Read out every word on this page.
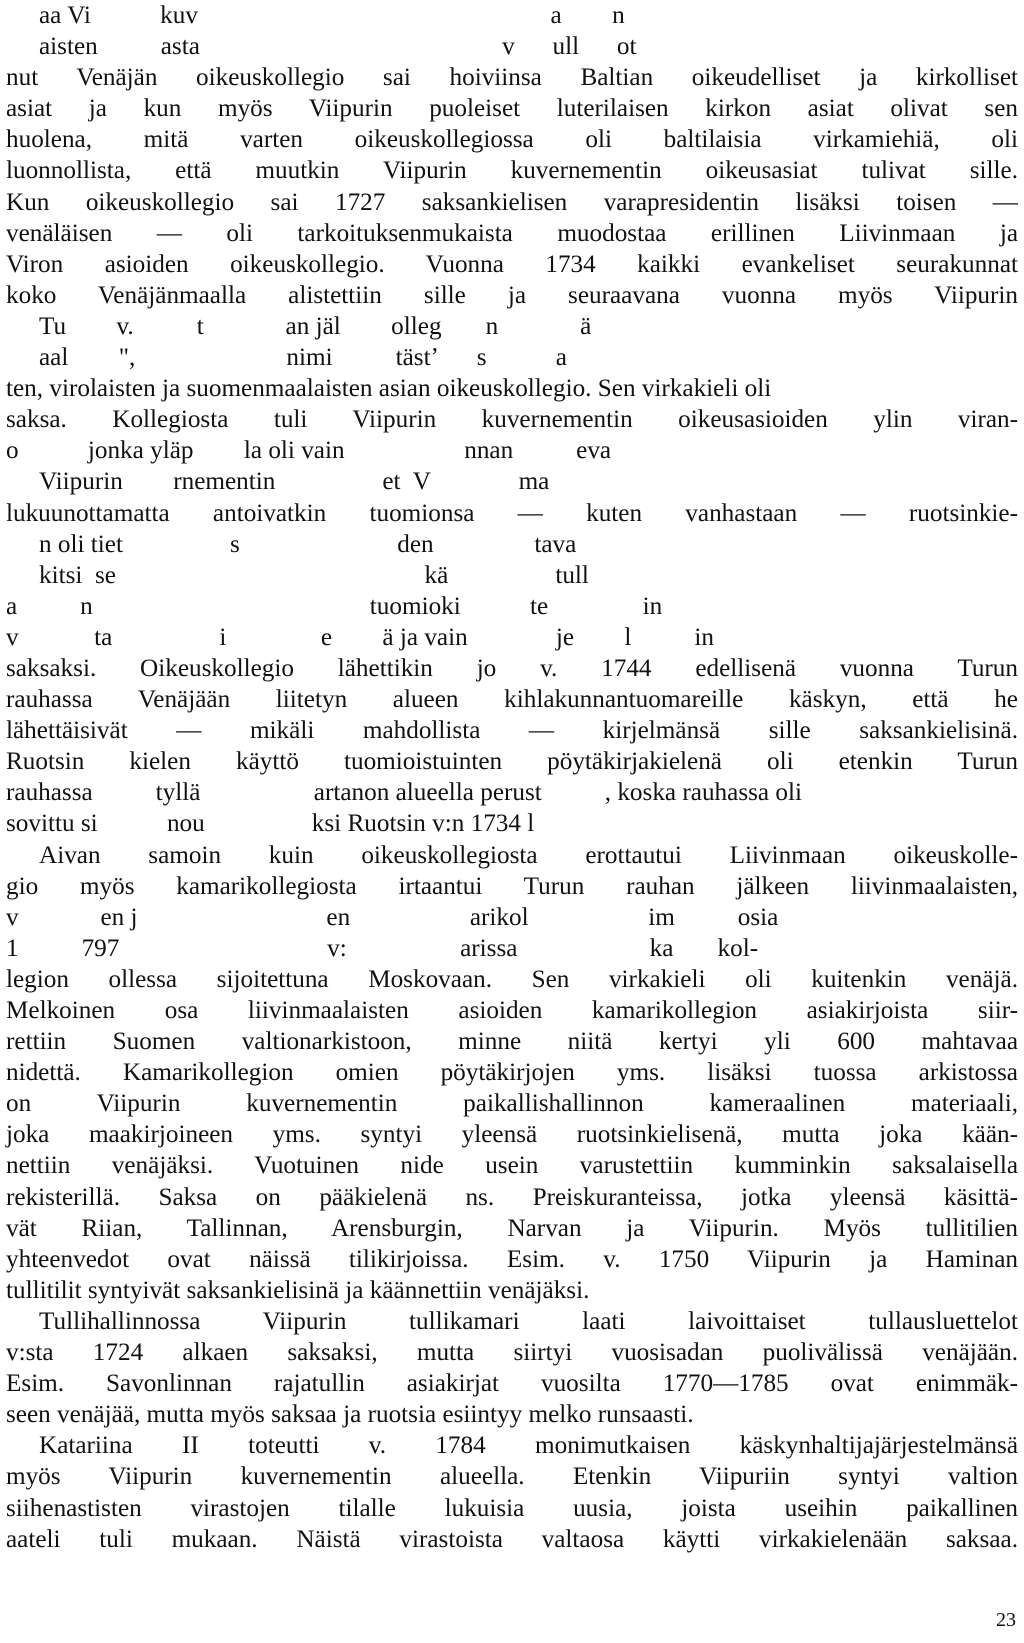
aa Vi           kuv                                                        a        n
aisten          asta                                                v      ull      ot
nut Venäjän oikeuskollegio sai hoiviinsa Baltian oikeudelliset ja kirkolliset
asiat ja kun myös Viipurin puoleiset luterilaisen kirkon asiat olivat sen
huolena, mitä varten oikeuskollegiossa oli baltilaisia virkamiehiä, oli
luonnollista, että muutkin Viipurin kuvernementin oikeusasiat tulivat sille.
Kun oikeuskollegio sai 1727 saksankielisen varapresidentin lisäksi toisen —
venäläisen — oli tarkoituksenmukaista muodostaa erillinen Liivinmaan ja
Viron asioiden oikeuskollegio. Vuonna 1734 kaikki evankeliset seurakunnat
koko Venäjänmaalla alistettiin sille ja seuraavana vuonna myös Viipurin
Tu        v.          t             an jäl        olleg       n             ä
aal        ",                        nimi          tästʼ      s           a
ten, virolaisten ja suomenmaalaisten asian oikeuskollegio. Sen virkakieli oli
saksa. Kollegiosta tuli Viipurin kuvernementin oikeusasioiden ylin viran-
o           jonka yläp        la oli vain                   nnan          eva
Viipurin        rnementin                 et  V              ma
lukuunottamatta antoivatkin tuomionsa — kuten vanhastaan — ruotsinkie-
n oli tiet                 s                         den                tava
kitsi  se                                                 kä                 tull
a          n                                            tuomioki           te               in
v            ta                 i               e        ä ja vain              je        l          in
saksaksi. Oikeuskollegio lähettikin jo v. 1744 edellisenä vuonna Turun
rauhassa Venäjään liitetyn alueen kihlakunnantuomareille käskyn, että he
lähettäisivät — mikäli mahdollista — kirjelmänsä sille saksankielisinä.
Ruotsin kielen käyttö tuomioistuinten pöytäkirjakielenä oli etenkin Turun
rauhassa          tyllä                  artanon alueella perust          , koska rauhassa oli
sovittu si           nou                 ksi Ruotsin v:n 1734 l
Aivan samoin kuin oikeuskollegiosta erottautui Liivinmaan oikeuskolle-
gio myös kamarikollegiosta irtaantui Turun rauhan jälkeen liivinmaalaisten,
v             en j                              en                   arikol                   im          osia
1          797                                 v:                  arissa                     ka       kol-
legion ollessa sijoitettuna Moskovaan. Sen virkakieli oli kuitenkin venäjä.
Melkoinen osa liivinmaalaisten asioiden kamarikollegion asiakirjoista siir-
rettiin Suomen valtionarkistoon, minne niitä kertyi yli 600 mahtavaa
nidettä. Kamarikollegion omien pöytäkirjojen yms. lisäksi tuossa arkistossa
on Viipurin kuvernementin paikallishallinnon kameraalinen materiaali,
joka maakirjoineen yms. syntyi yleensä ruotsinkielisenä, mutta joka kään-
nettiin venäjäksi. Vuotuinen nide usein varustettiin kumminkin saksalaisella
rekisterillä. Saksa on pääkielenä ns. Preiskuranteissa, jotka yleensä käsittä-
vät Riian, Tallinnan, Arensburgin, Narvan ja Viipurin. Myös tullitilien
yhteenvedot ovat näissä tilikirjoissa. Esim. v. 1750 Viipurin ja Haminan
tullitilit syntyivät saksankielisinä ja käännettiin venäjäksi.
Tullihallinnossa Viipurin tullikamari laati laivoittaiset tullausluettelot
v:sta 1724 alkaen saksaksi, mutta siirtyi vuosisadan puolivälissä venäjään.
Esim. Savonlinnan rajatullin asiakirjat vuosilta 1770—1785 ovat enimmäk-
seen venäjää, mutta myös saksaa ja ruotsia esiintyy melko runsaasti.
Katariina II toteutti v. 1784 monimutkaisen käskynhaltijajärjestelmänsä
myös Viipurin kuvernementin alueella. Etenkin Viipuriin syntyi valtion
siihenastisten virastojen tilalle lukuisia uusia, joista useihin paikallinen
aateli tuli mukaan. Näistä virastoista valtaosa käytti virkakielenään saksaa.
23
